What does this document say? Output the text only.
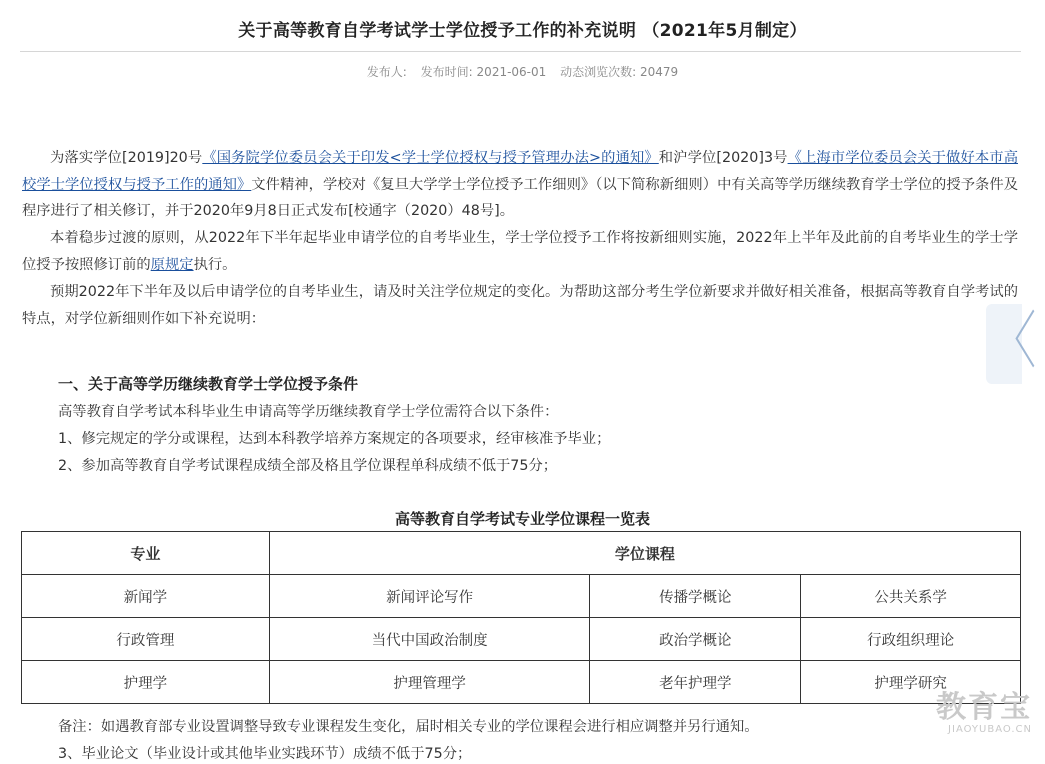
关于高等教育自学考试学士学位授予工作的补充说明 （2021年5月制定）
发布人: 发布时间: 2021-06-01 动态浏览次数: 20479

为落实学位[2019]20号《国务院学位委员会关于印发<学士学位授权与授予管理办法>的通知》和沪学位[2020]3号《上海市学位委员会关于做好本市高校学士学位授权与授予工作的通知》文件精神，学校对《复旦大学学士学位授予工作细则》（以下简称新细则）中有关高等学历继续教育学士学位的授予条件及程序进行了相关修订，并于2020年9月8日正式发布[校通字（2020）48号]。

本着稳步过渡的原则，从2022年下半年起毕业申请学位的自考毕业生，学士学位授予工作将按新细则实施，2022年上半年及此前的自考毕业生的学士学位授予按照修订前的原规定执行。

预期2022年下半年及以后申请学位的自考毕业生，请及时关注学位规定的变化。为帮助这部分考生学位新要求并做好相关准备，根据高等教育自学考试的特点，对学位新细则作如下补充说明：

一、关于高等学历继续教育学士学位授予条件
高等教育自学考试本科毕业生申请高等学历继续教育学士学位需符合以下条件：
1、修完规定的学分或课程，达到本科教学培养方案规定的各项要求，经审核准予毕业；
2、参加高等教育自学考试课程成绩全部及格且学位课程单科成绩不低于75分；
高等教育自学考试专业学位课程一览表
专业	学位课程		
新闻学	新闻评论写作	传播学概论	公共关系学
行政管理	当代中国政治制度	政治学概论	行政组织理论
护理学	护理管理学	老年护理学	护理学研究
备注：如遇教育部专业设置调整导致专业课程发生变化，届时相关专业的学位课程会进行相应调整并另行通知。
3、毕业论文（毕业设计或其他毕业实践环节）成绩不低于75分；
〈
教育宝
JIAOYUBAO.CN
